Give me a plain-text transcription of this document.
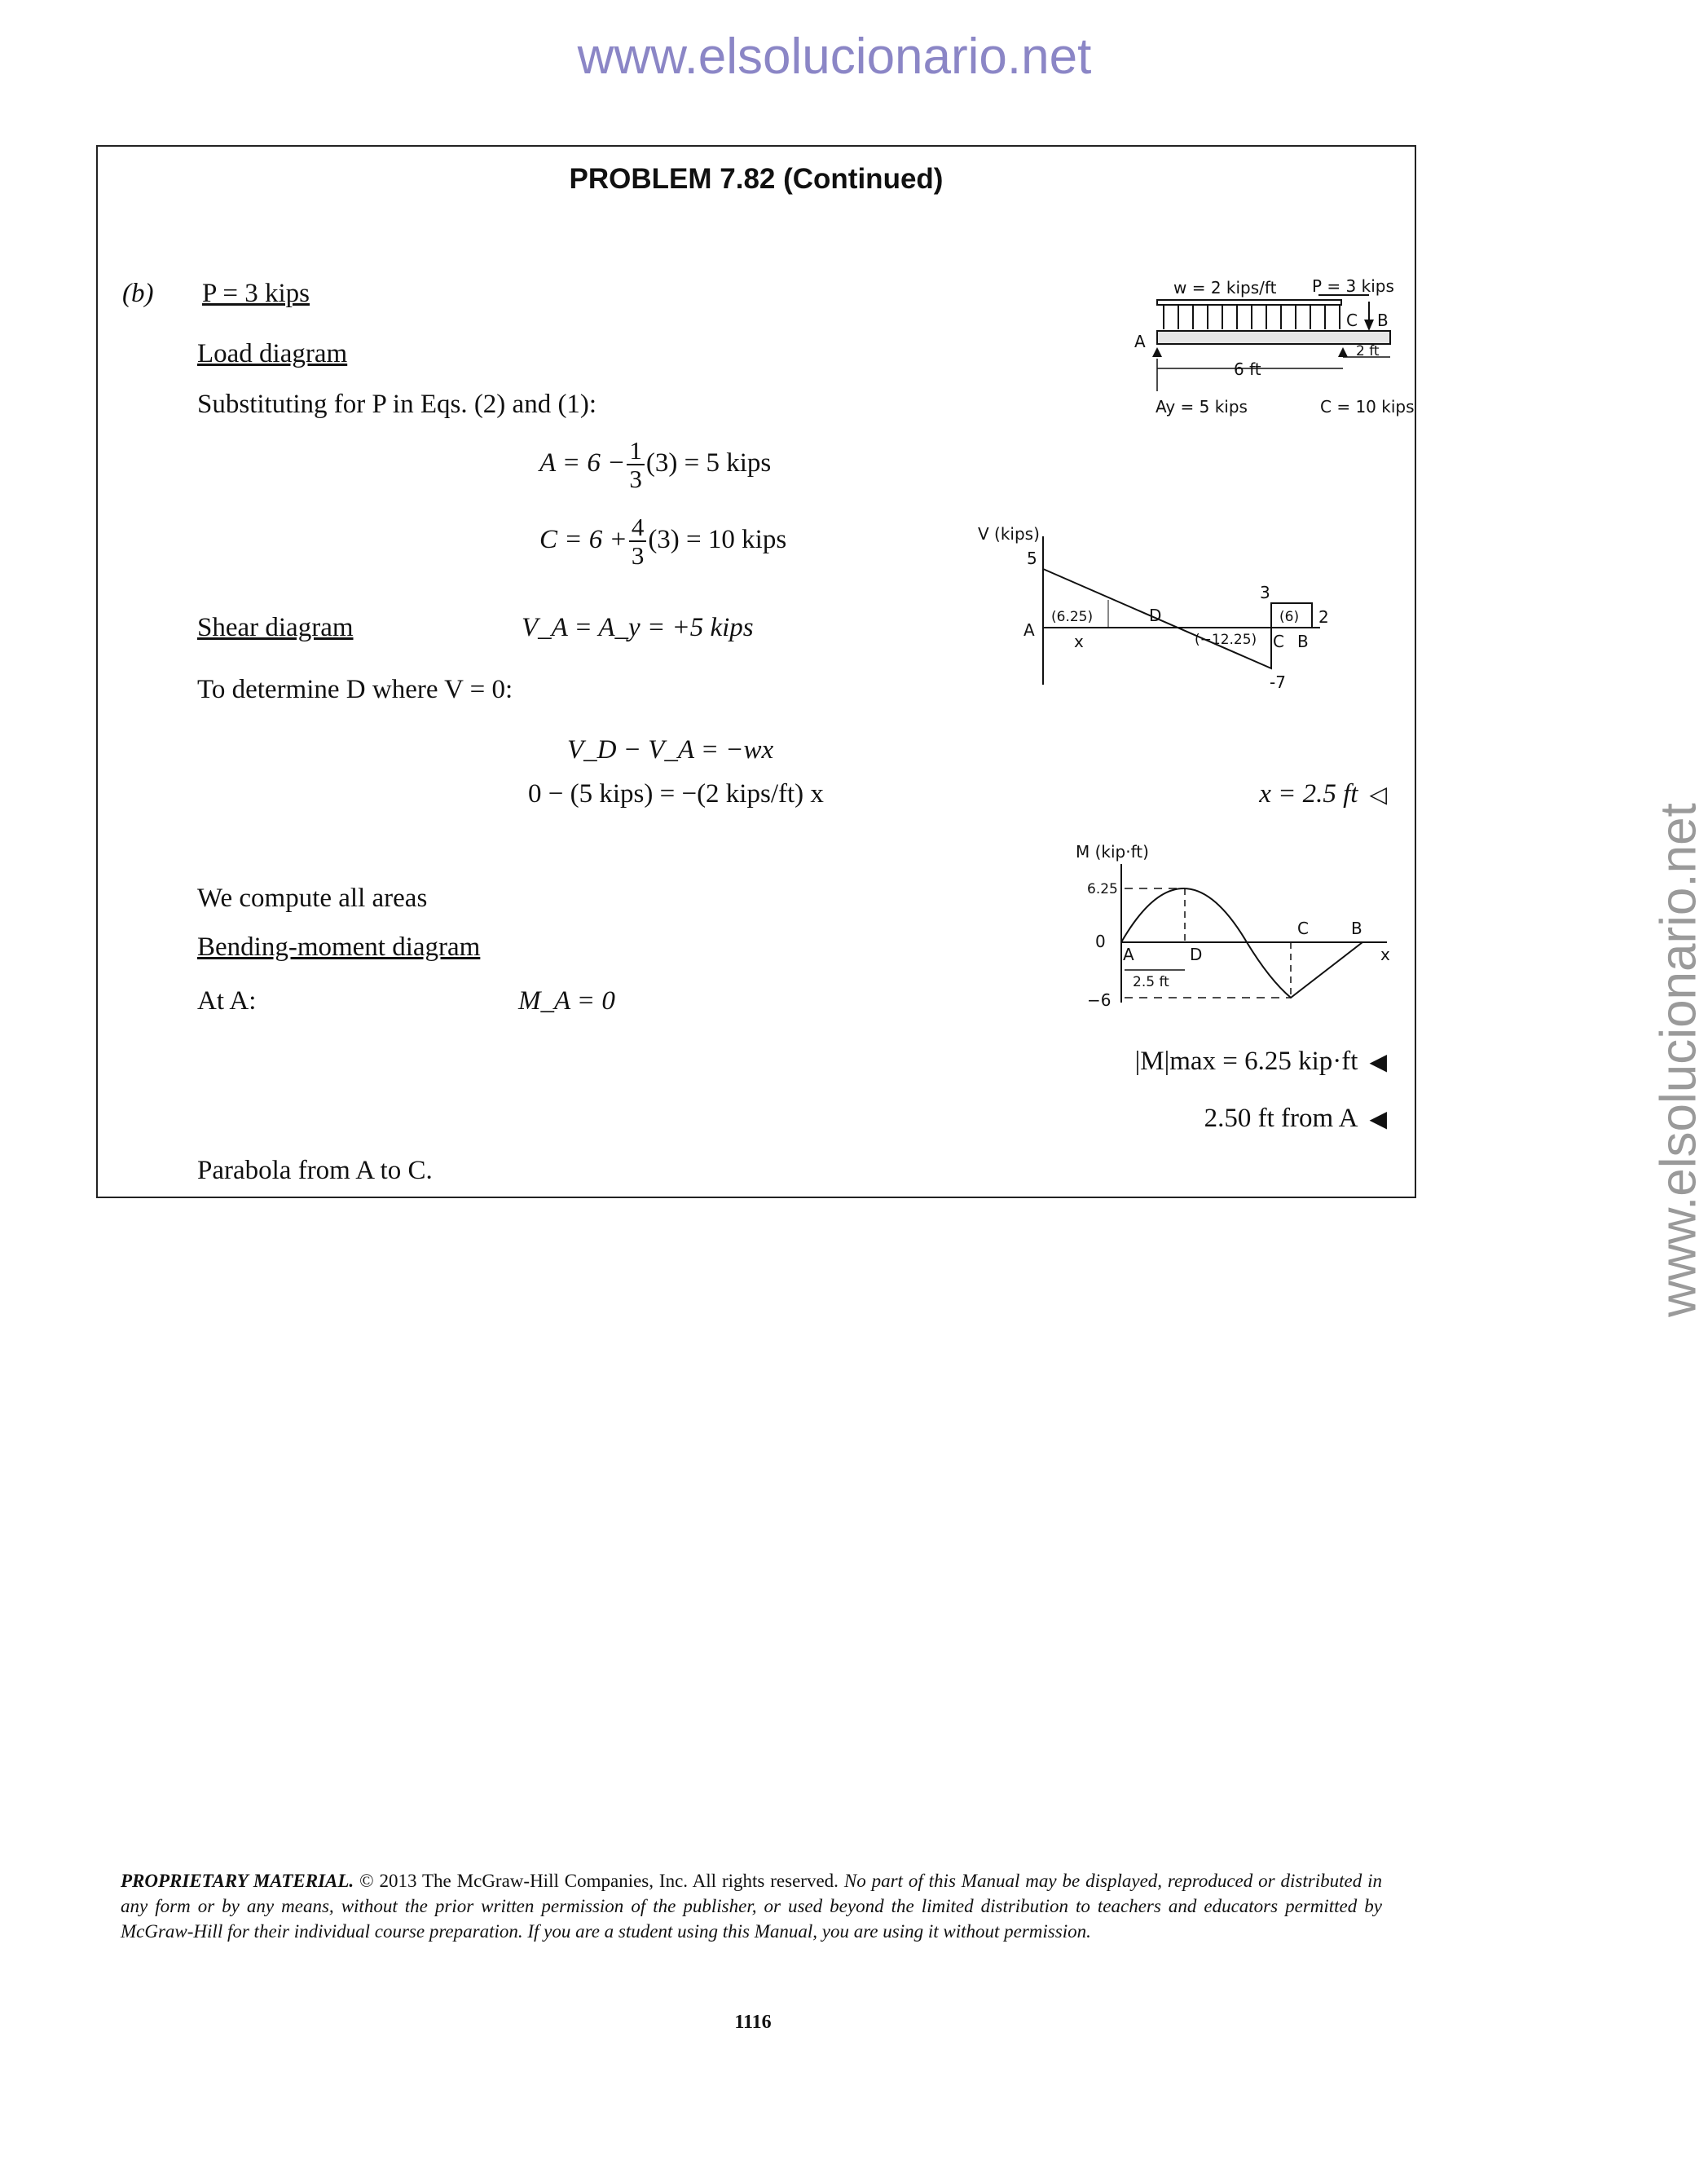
www.elsolucionario.net
www.elsolucionario.net
PROBLEM 7.82 (Continued)
(b) P = 3 kips
Load diagram
Substituting for P in Eqs. (2) and (1):
$A = 6 - \frac{1}{3} (3) = 5$ kips
$C = 6 + \frac{4}{3} (3) = 10$ kips
Shear diagram	V_A = A_y = +5 kips
To determine D where V = 0:
V_D − V_A = −wx
0 − (5 kips) = −(2 kips/ft) x	x = 2.5 ft ◁
We compute all areas
Bending-moment diagram
At A:	M_A = 0
|M|max = 6.25 kip·ft ◀
2.50 ft from A ◀
Parabola from A to C.
w = 2 kips/ft P = 3 kips
C B
A
6 ft
2 ft
Ay = 5 kips	C = 10 kips
V (kips)
5
(6.25)	D
(−12.25)
(6)
3
2
A
x	C B
-7
M (kip·ft)
6.25
0
−6
A	D
C	B
x
2.5 ft
PROPRIETARY MATERIAL. © 2013 The McGraw-Hill Companies, Inc. All rights reserved. No part of this Manual may be displayed, reproduced or distributed in any form or by any means, without the prior written permission of the publisher, or used beyond the limited distribution to teachers and educators permitted by McGraw-Hill for their individual course preparation. If you are a student using this Manual, you are using it without permission.
1116
